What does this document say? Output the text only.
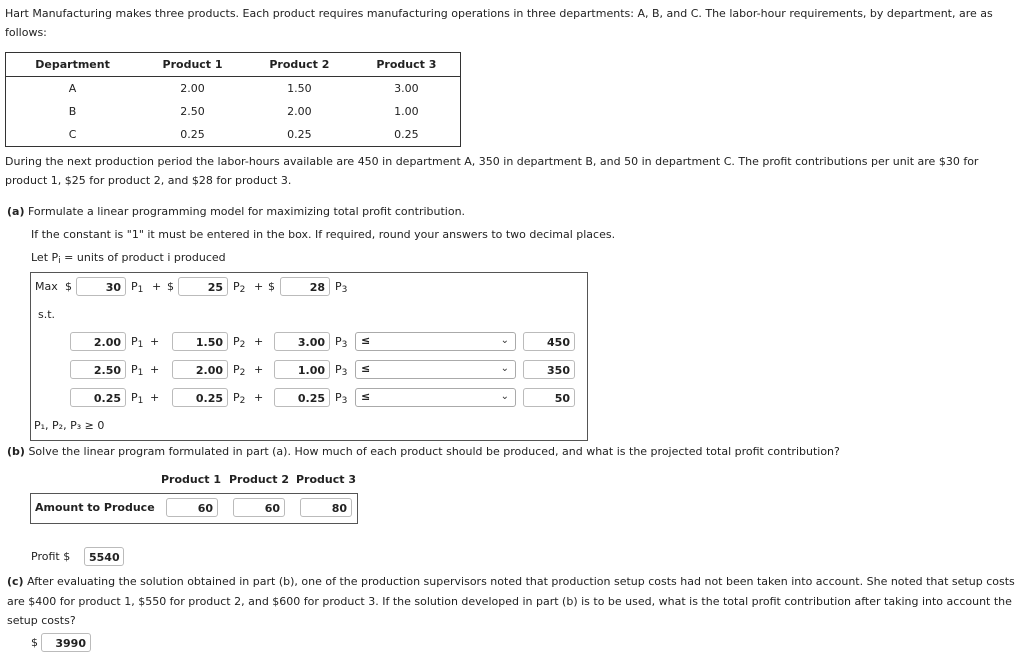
Hart Manufacturing makes three products. Each product requires manufacturing operations in three departments: A, B, and C. The labor-hour requirements, by department, are as follows:
Department	Product 1	Product 2	Product 3
A	2.00	1.50	3.00
B	2.50	2.00	1.00
C	0.25	0.25	0.25
During the next production period the labor-hours available are 450 in department A, 350 in department B, and 50 in department C. The profit contributions per unit are $30 for product 1, $25 for product 2, and $28 for product 3.
(a) Formulate a linear programming model for maximizing total profit contribution.
If the constant is "1" it must be entered in the box. If required, round your answers to two decimal places.
Let Pi = units of product i produced
Max $	30 P1 + $	25 P2 + $	28 P3
s.t.
2.00 P1 +	1.50 P2 +	3.00 P3 ≤	⌄	450
2.50 P1 +	2.00 P2 +	1.00 P3 ≤	⌄	350
0.25 P1 +	0.25 P2 +	0.25 P3 ≤	⌄	50
P₁, P₂, P₃ ≥ 0
(b) Solve the linear program formulated in part (a). How much of each product should be produced, and what is the projected total profit contribution?
Product 1 Product 2 Product 3
Amount to Produce	60	60	80
Profit $	5540
(c) After evaluating the solution obtained in part (b), one of the production supervisors noted that production setup costs had not been taken into account. She noted that setup costs are $400 for product 1, $550 for product 2, and $600 for product 3. If the solution developed in part (b) is to be used, what is the total profit contribution after taking into account the setup costs?
$	3990
